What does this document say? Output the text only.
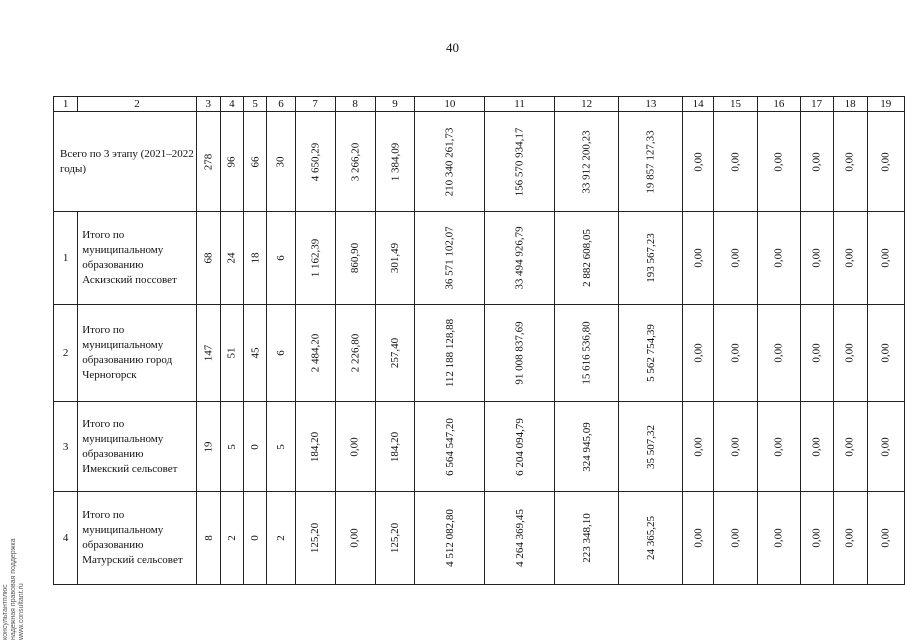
40
1	2	3	4	5	6	7	8	9	10	11	12	13	14	15	16	17	18	19
Всего по 3 этапу (2021–2022 годы)		278	96	66	30	4 650,29	3 266,20	1 384,09	210 340 261,73	156 570 934,17	33 912 200,23	19 857 127,33	0,00	0,00	0,00	0,00	0,00	0,00
1	Итого по муниципальному образованию Аскизский поссовет	68	24	18	6	1 162,39	860,90	301,49	36 571 102,07	33 494 926,79	2 882 608,05	193 567,23	0,00	0,00	0,00	0,00	0,00	0,00
2	Итого по муниципальному образованию город Черногорск	147	51	45	6	2 484,20	2 226,80	257,40	112 188 128,88	91 008 837,69	15 616 536,80	5 562 754,39	0,00	0,00	0,00	0,00	0,00	0,00
3	Итого по муниципальному образованию Имекский сельсовет	19	5	0	5	184,20	0,00	184,20	6 564 547,20	6 204 094,79	324 945,09	35 507,32	0,00	0,00	0,00	0,00	0,00	0,00
4	Итого по муниципальному образованию Матурский сельсовет	8	2	0	2	125,20	0,00	125,20	4 512 082,80	4 264 369,45	223 348,10	24 365,25	0,00	0,00	0,00	0,00	0,00	0,00
консультантплюс надежная правовая поддержка www.consultant.ru
